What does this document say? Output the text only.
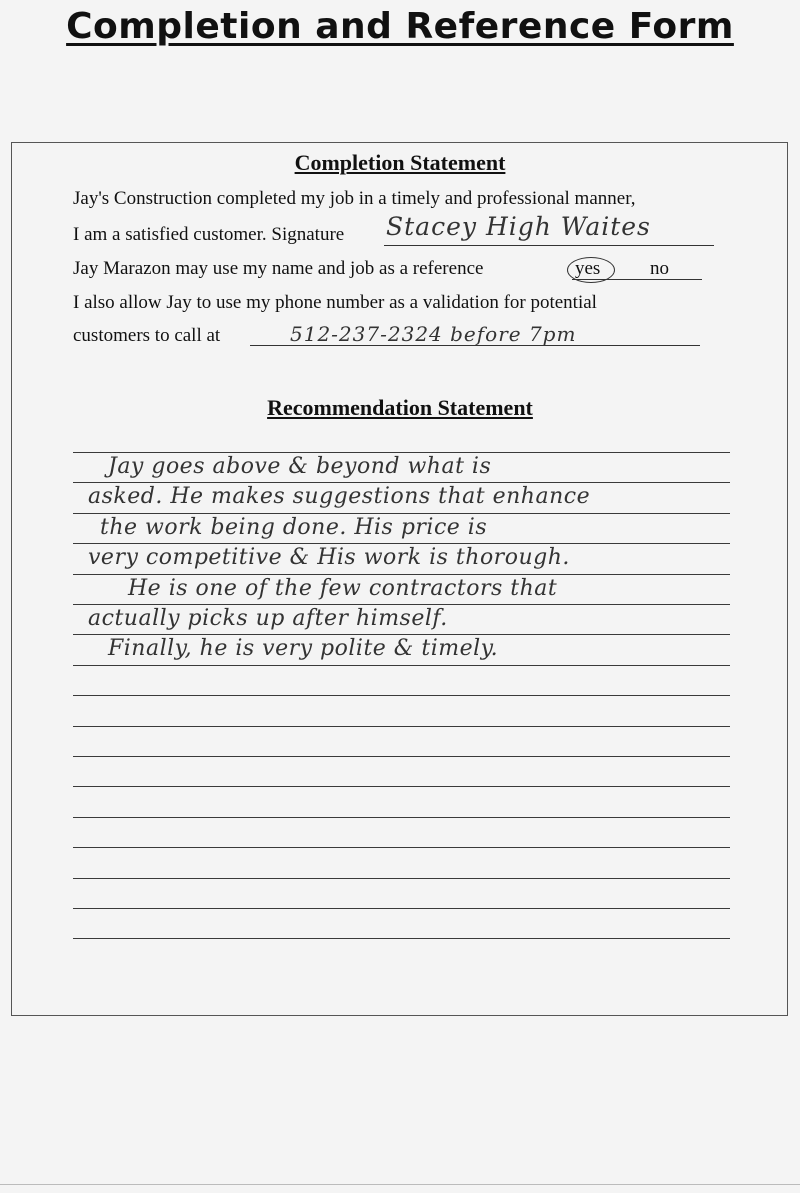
Completion and Reference Form
Completion Statement
Jay's Construction completed my job in a timely and professional manner,
I am a satisfied customer. Signature Stacey High Waites
Jay Marazon may use my name and job as a reference	yes	no
I also allow Jay to use my phone number as a validation for potential
customers to call at	512-237-2324 before 7pm
Recommendation Statement
Jay goes above & beyond what is
asked. He makes suggestions that enhance
the work being done. His price is
very competitive & His work is thorough.
He is one of the few contractors that
actually picks up after himself.
Finally, he is very polite & timely.
